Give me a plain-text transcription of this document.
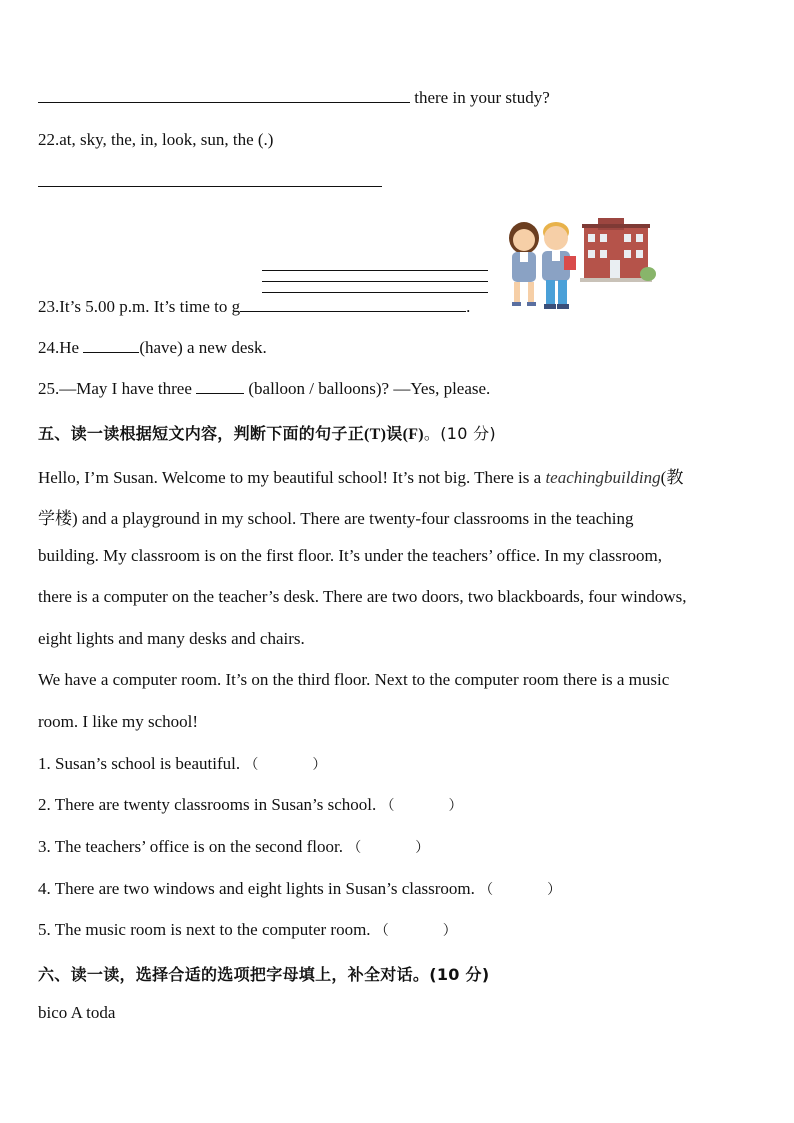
there in your study?
22.at, sky, the, in, look, sun, the (.)
23.It’s 5.00 p.m. It’s time to g	.
24.He	(have) a new desk.
25.—May I have three	(balloon / balloons)? —Yes, please.
五、读一读根据短文内容，判断下面的句子正(T)误(F)。(10 分)
Hello, I’m Susan. Welcome to my beautiful school! It’s not big. There is a teachingbuilding(教
学楼) and a playground in my school. There are twenty-four classrooms in the teaching
building. My classroom is on the first floor. It’s under the teachers’ office. In my classroom,
there is a computer on the teacher’s desk. There are two doors, two blackboards, four windows,
eight lights and many desks and chairs.
We have a computer room. It’s on the third floor. Next to the computer room there is a music
room. I like my school!
1. Susan’s school is beautiful. （	）
2. There are twenty classrooms in Susan’s school. （	）
3. The teachers’ office is on the second floor. （	）
4. There are two windows and eight lights in Susan’s classroom. （	）
5. The music room is next to the computer room. （	）
六、读一读，选择合适的选项把字母填上，补全对话。(10 分)
bico A toda
